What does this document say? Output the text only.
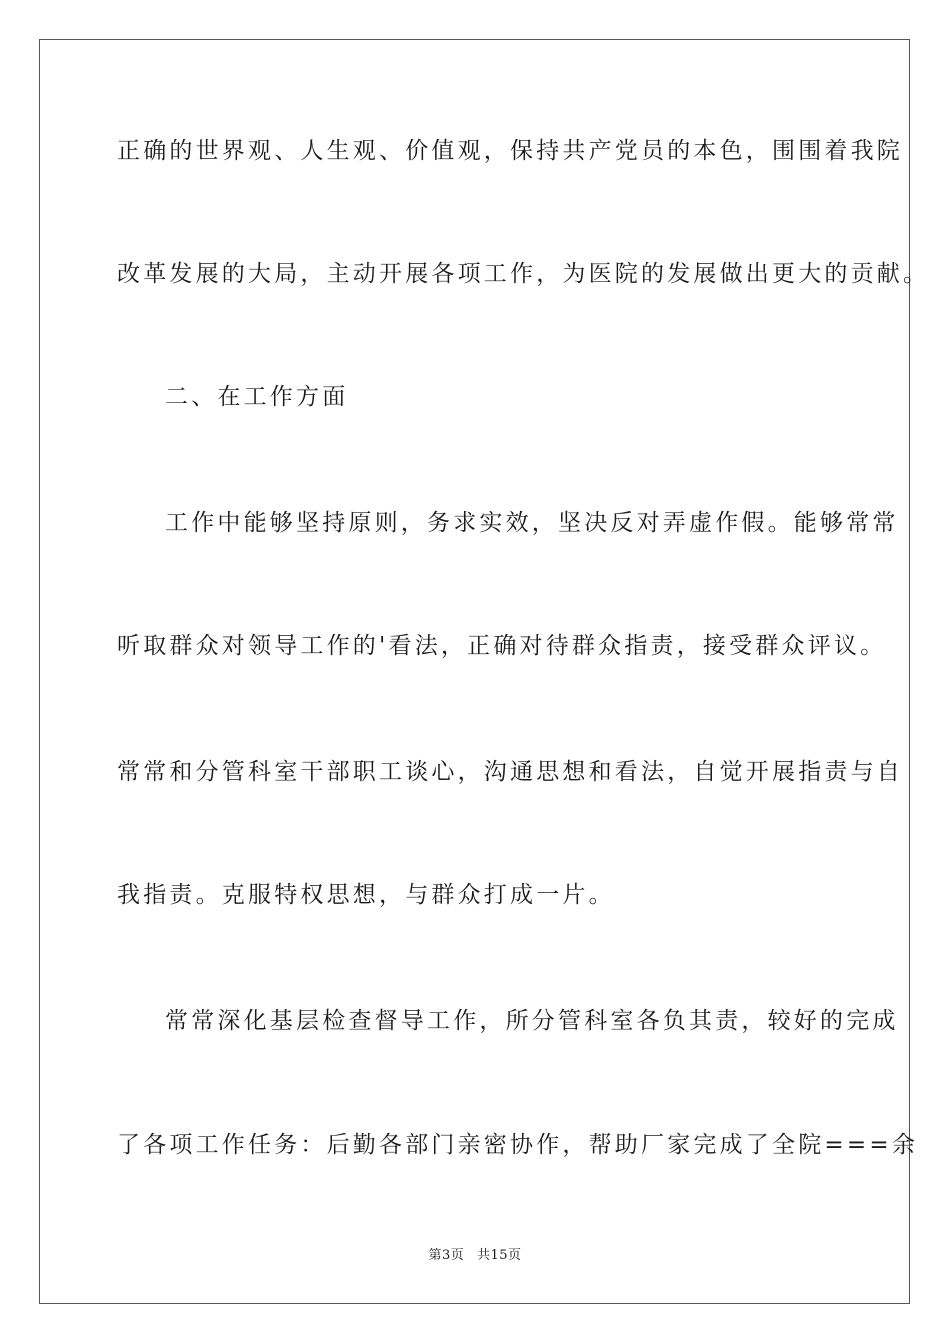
正确的世界观、人生观、价值观，保持共产党员的本色，围围着我院
改革发展的大局，主动开展各项工作，为医院的发展做出更大的贡献。
二、在工作方面
工作中能够坚持原则，务求实效，坚决反对弄虚作假。能够常常
听取群众对领导工作的'看法，正确对待群众指责，接受群众评议。
常常和分管科室干部职工谈心，沟通思想和看法，自觉开展指责与自
我指责。克服特权思想，与群众打成一片。
常常深化基层检查督导工作，所分管科室各负其责，较好的完成
了各项工作任务：后勤各部门亲密协作，帮助厂家完成了全院===余
第3页 共15页
